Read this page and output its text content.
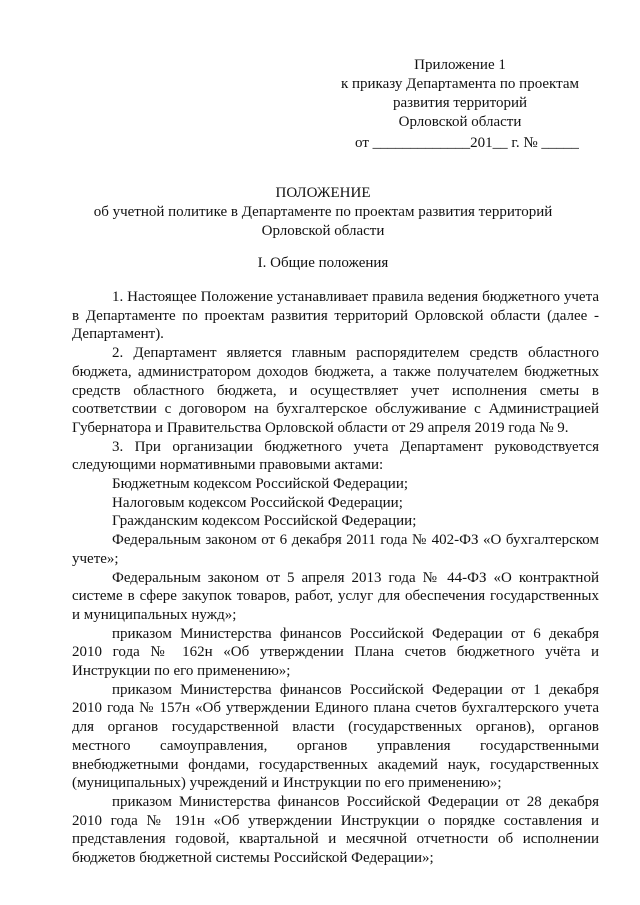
Приложение 1
к приказу Департамента по проектам
развития территорий
Орловской области
от _____________201__ г. № _____
ПОЛОЖЕНИЕ
об учетной политике в Департаменте по проектам развития территорий
Орловской области
I. Общие положения

1. Настоящее Положение устанавливает правила ведения бюджетного учета в Департаменте по проектам развития территорий Орловской области (далее - Департамент).

2. Департамент является главным распорядителем средств областного бюджета, администратором доходов бюджета, а также получателем бюджетных средств областного бюджета, и осуществляет учет исполнения сметы в соответствии с договором на бухгалтерское обслуживание с Администрацией Губернатора и Правительства Орловской области от 29 апреля 2019 года № 9.

3. При организации бюджетного учета Департамент руководствуется следующими нормативными правовыми актами:

Бюджетным кодексом Российской Федерации;

Налоговым кодексом Российской Федерации;

Гражданским кодексом Российской Федерации;

Федеральным законом от 6 декабря 2011 года № 402-ФЗ «О бухгалтерском учете»;

Федеральным законом от 5 апреля 2013 года № 44-ФЗ «О контрактной системе в сфере закупок товаров, работ, услуг для обеспечения государственных и муниципальных нужд»;

приказом Министерства финансов Российской Федерации от 6 декабря 2010 года № 162н «Об утверждении Плана счетов бюджетного учёта и Инструкции по его применению»;

приказом Министерства финансов Российской Федерации от 1 декабря 2010 года № 157н «Об утверждении Единого плана счетов бухгалтерского учета для органов государственной власти (государственных органов), органов местного самоуправления, органов управления государственными внебюджетными фондами, государственных академий наук, государственных (муниципальных) учреждений и Инструкции по его применению»;

приказом Министерства финансов Российской Федерации от 28 декабря 2010 года № 191н «Об утверждении Инструкции о порядке составления и представления годовой, квартальной и месячной отчетности об исполнении бюджетов бюджетной системы Российской Федерации»;
